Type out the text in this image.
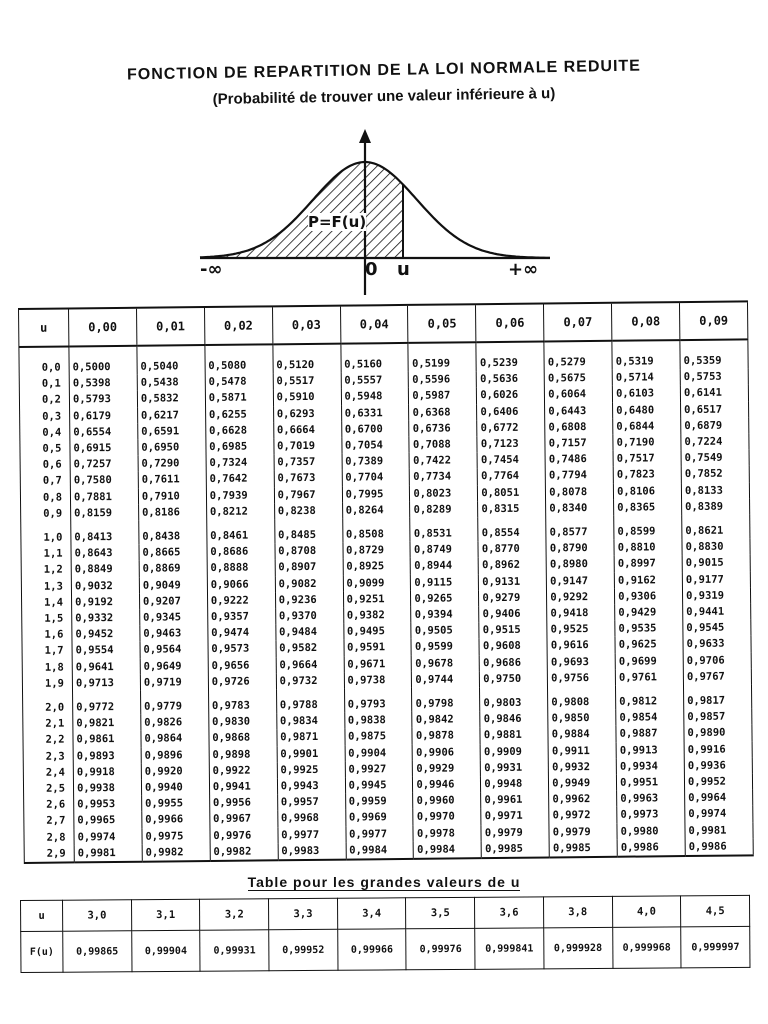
FONCTION DE REPARTITION DE LA LOI NORMALE REDUITE
(Probabilité de trouver une valeur inférieure à u)
P=F(u)
-∞	0 u	+∞
u	0,00	0,01	0,02	0,03	0,04	0,05	0,06	0,07	0,08	0,09
0,0	0,5000	0,5040	0,5080	0,5120	0,5160	0,5199	0,5239	0,5279	0,5319	0,5359
0,1	0,5398	0,5438	0,5478	0,5517	0,5557	0,5596	0,5636	0,5675	0,5714	0,5753
0,2	0,5793	0,5832	0,5871	0,5910	0,5948	0,5987	0,6026	0,6064	0,6103	0,6141
0,3	0,6179	0,6217	0,6255	0,6293	0,6331	0,6368	0,6406	0,6443	0,6480	0,6517
0,4	0,6554	0,6591	0,6628	0,6664	0,6700	0,6736	0,6772	0,6808	0,6844	0,6879
0,5	0,6915	0,6950	0,6985	0,7019	0,7054	0,7088	0,7123	0,7157	0,7190	0,7224
0,6	0,7257	0,7290	0,7324	0,7357	0,7389	0,7422	0,7454	0,7486	0,7517	0,7549
0,7	0,7580	0,7611	0,7642	0,7673	0,7704	0,7734	0,7764	0,7794	0,7823	0,7852
0,8	0,7881	0,7910	0,7939	0,7967	0,7995	0,8023	0,8051	0,8078	0,8106	0,8133
0,9	0,8159	0,8186	0,8212	0,8238	0,8264	0,8289	0,8315	0,8340	0,8365	0,8389
1,0	0,8413	0,8438	0,8461	0,8485	0,8508	0,8531	0,8554	0,8577	0,8599	0,8621
1,1	0,8643	0,8665	0,8686	0,8708	0,8729	0,8749	0,8770	0,8790	0,8810	0,8830
1,2	0,8849	0,8869	0,8888	0,8907	0,8925	0,8944	0,8962	0,8980	0,8997	0,9015
1,3	0,9032	0,9049	0,9066	0,9082	0,9099	0,9115	0,9131	0,9147	0,9162	0,9177
1,4	0,9192	0,9207	0,9222	0,9236	0,9251	0,9265	0,9279	0,9292	0,9306	0,9319
1,5	0,9332	0,9345	0,9357	0,9370	0,9382	0,9394	0,9406	0,9418	0,9429	0,9441
1,6	0,9452	0,9463	0,9474	0,9484	0,9495	0,9505	0,9515	0,9525	0,9535	0,9545
1,7	0,9554	0,9564	0,9573	0,9582	0,9591	0,9599	0,9608	0,9616	0,9625	0,9633
1,8	0,9641	0,9649	0,9656	0,9664	0,9671	0,9678	0,9686	0,9693	0,9699	0,9706
1,9	0,9713	0,9719	0,9726	0,9732	0,9738	0,9744	0,9750	0,9756	0,9761	0,9767
2,0	0,9772	0,9779	0,9783	0,9788	0,9793	0,9798	0,9803	0,9808	0,9812	0,9817
2,1	0,9821	0,9826	0,9830	0,9834	0,9838	0,9842	0,9846	0,9850	0,9854	0,9857
2,2	0,9861	0,9864	0,9868	0,9871	0,9875	0,9878	0,9881	0,9884	0,9887	0,9890
2,3	0,9893	0,9896	0,9898	0,9901	0,9904	0,9906	0,9909	0,9911	0,9913	0,9916
2,4	0,9918	0,9920	0,9922	0,9925	0,9927	0,9929	0,9931	0,9932	0,9934	0,9936
2,5	0,9938	0,9940	0,9941	0,9943	0,9945	0,9946	0,9948	0,9949	0,9951	0,9952
2,6	0,9953	0,9955	0,9956	0,9957	0,9959	0,9960	0,9961	0,9962	0,9963	0,9964
2,7	0,9965	0,9966	0,9967	0,9968	0,9969	0,9970	0,9971	0,9972	0,9973	0,9974
2,8	0,9974	0,9975	0,9976	0,9977	0,9977	0,9978	0,9979	0,9979	0,9980	0,9981
2,9	0,9981	0,9982	0,9982	0,9983	0,9984	0,9984	0,9985	0,9985	0,9986	0,9986
Table pour les grandes valeurs de u
u	3,0	3,1	3,2	3,3	3,4	3,5	3,6	3,8	4,0	4,5
F(u)	0,99865	0,99904	0,99931	0,99952	0,99966	0,99976	0,999841	0,999928	0,999968	0,999997
